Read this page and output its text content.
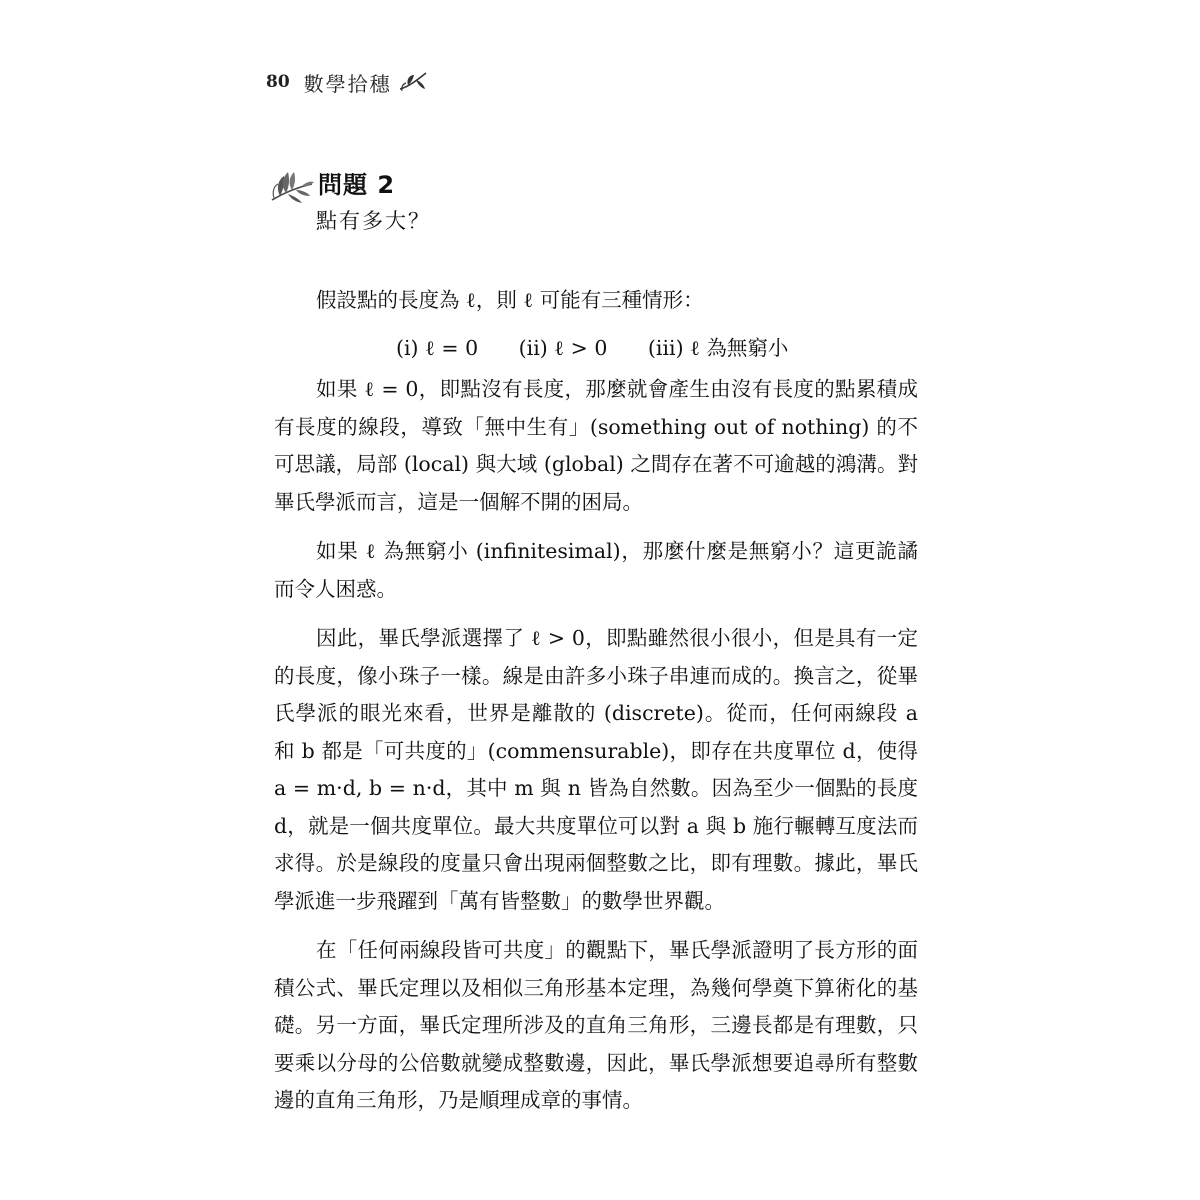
80 數學拾穗
問題 2
點有多大？

假設點的長度為 ℓ，則 ℓ 可能有三種情形：

(i) ℓ = 0 (ii) ℓ > 0 (iii) ℓ 為無窮小

如果 ℓ = 0，即點沒有長度，那麼就會產生由沒有長度的點累積成有長度的線段，導致「無中生有」(something out of nothing) 的不可思議，局部 (local) 與大域 (global) 之間存在著不可逾越的鴻溝。對畢氏學派而言，這是一個解不開的困局。

如果 ℓ 為無窮小 (infinitesimal)，那麼什麼是無窮小？這更詭譎而令人困惑。

因此，畢氏學派選擇了 ℓ > 0，即點雖然很小很小，但是具有一定的長度，像小珠子一樣。線是由許多小珠子串連而成的。換言之，從畢氏學派的眼光來看，世界是離散的 (discrete)。從而，任何兩線段 a 和 b 都是「可共度的」(commensurable)，即存在共度單位 d，使得 a = m·d, b = n·d，其中 m 與 n 皆為自然數。因為至少一個點的長度 d，就是一個共度單位。最大共度單位可以對 a 與 b 施行輾轉互度法而求得。於是線段的度量只會出現兩個整數之比，即有理數。據此，畢氏學派進一步飛躍到「萬有皆整數」的數學世界觀。

在「任何兩線段皆可共度」的觀點下，畢氏學派證明了長方形的面積公式、畢氏定理以及相似三角形基本定理，為幾何學奠下算術化的基礎。另一方面，畢氏定理所涉及的直角三角形，三邊長都是有理數，只要乘以分母的公倍數就變成整數邊，因此，畢氏學派想要追尋所有整數邊的直角三角形，乃是順理成章的事情。
